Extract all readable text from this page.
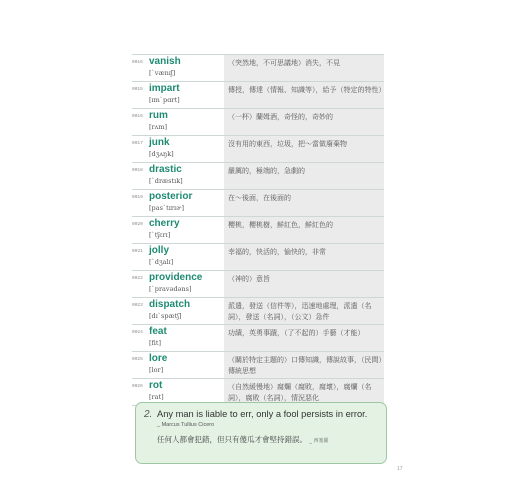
0016 vanish
[ˋvænɪʃ]
（突然地，不可思議地）消失，不見
0015 impart
[ɪmˋpɑrt]
傳授，傳達（情報、知識等），給予（特定的特性）
0016 rum
[rʌm]
（一杯）蘭姆酒，奇怪的，奇妙的
0017 junk
[dʒʌŋk]
沒有用的東西，垃圾，把～當做廢棄物
0018 drastic
[ˋdræstɪk]
嚴厲的，極端的，急劇的
0019 posterior
[pasˋtɪrɪɚ]
在～後面，在後面的
0020 cherry
[ˋtʃɛrɪ]
櫻桃，櫻桃樹，鮮紅色，鮮紅色的
0021 jolly
[ˋdʒalɪ]
幸福的，快活的，愉快的，非常
0022 providence
[ˋpravədəns]
（神的）意旨
0023 dispatch
[dɪˋspætʃ]
派遣，發送（信件等），迅速地處理，派遣（名詞），發送（名詞），（公文）急件
0024 feat
[fit]
功績，英勇事蹟，（了不起的）手藝（才能）
0025 lore
[lor]
（關於特定主題的）口傳知識，傳說故事，（民間）傳統思想
0026 rot
[rat]
（自然緩慢地）腐爛（腐敗，腐壞），腐爛（名詞），腐敗（名詞），情況惡化
2. Any man is liable to err, only a fool persists in error.
_ Marcus Tullius Cicero
任何人都會犯錯，但只有傻瓜才會堅持錯誤。 _ 西塞羅
17
